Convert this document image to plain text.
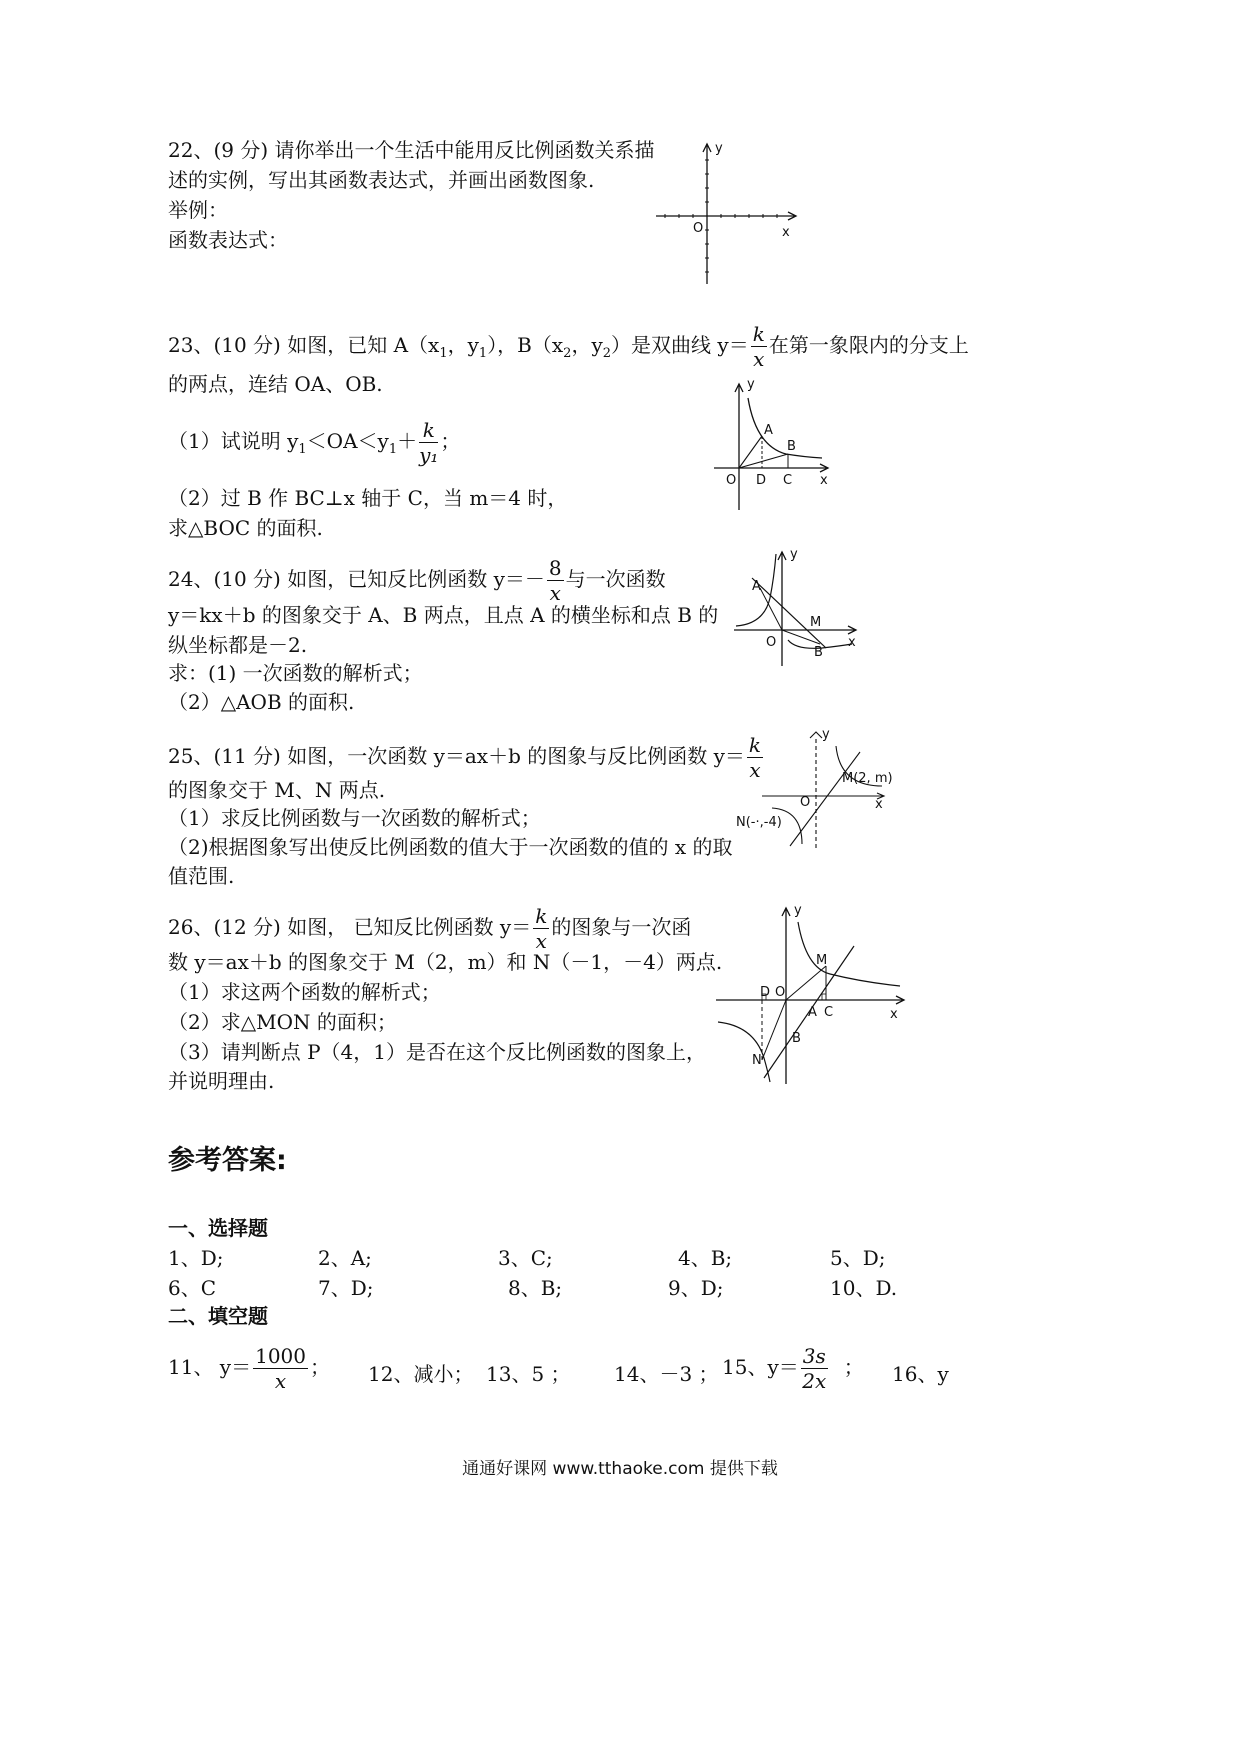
22、(9 分) 请你举出一个生活中能用反比例函数关系描
述的实例，写出其函数表达式，并画出函数图象.
举例：
函数表达式：
y
x
O
23、(10 分) 如图，已知 $A(x_1$，$y_1$），$B(x_2$，$y_2$）是双曲线 $y= \frac{k}{x}$ 在第一象限内的分支上
的两点，连结 OA、OB.
（1）试说明 $y_1<OA<y_1+ \frac{k}{\text{y₁}}$ ；
（2）过 B 作 BC⊥x 轴于 C，当 m＝4 时，
求△BOC 的面积.
y
A
B
O D C x
24、(10 分) 如图，已知反比例函数 $y=- \frac{8}{x}$ 与一次函数
y＝kx＋b 的图象交于 A、B 两点，且点 A 的横坐标和点 B 的
纵坐标都是－2.
求：(1) 一次函数的解析式；
（2）△AOB 的面积.
y
A
M
O
B
x
25、(11 分) 如图，一次函数 y＝ax＋b 的图象与反比例函数 $y= \frac{k}{x}$
的图象交于 M、N 两点.
（1）求反比例函数与一次函数的解析式；
（2)根据图象写出使反比例函数的值大于一次函数的值的 x 的取
值范围.
y
M(2, m)
O	x
N(-·,-4)
26、(12 分) 如图， 已知反比例函数 $y= \frac{k}{x}$ 的图象与一次函
数 y＝ax＋b 的图象交于 M（2，m）和 N（－1，－4）两点.
（1）求这两个函数的解析式；
（2）求△MON 的面积；
（3）请判断点 P（4，1）是否在这个反比例函数的图象上，
并说明理由.
y
M
D O
A C	x
B
N
参考答案:
一、选择题
1、D;	2、A;	3、C;	4、B;	5、D;
6、C	7、D;	8、B;	9、D;	10、D.
二、填空题
11、 $y= \frac{1000}{x}$ ； 12、减小； 13、5 ； 14、－3 ； 15、$y= \frac{3s}{2x}$ ； 16、y
通通好课网 www.tthaoke.com 提供下载
